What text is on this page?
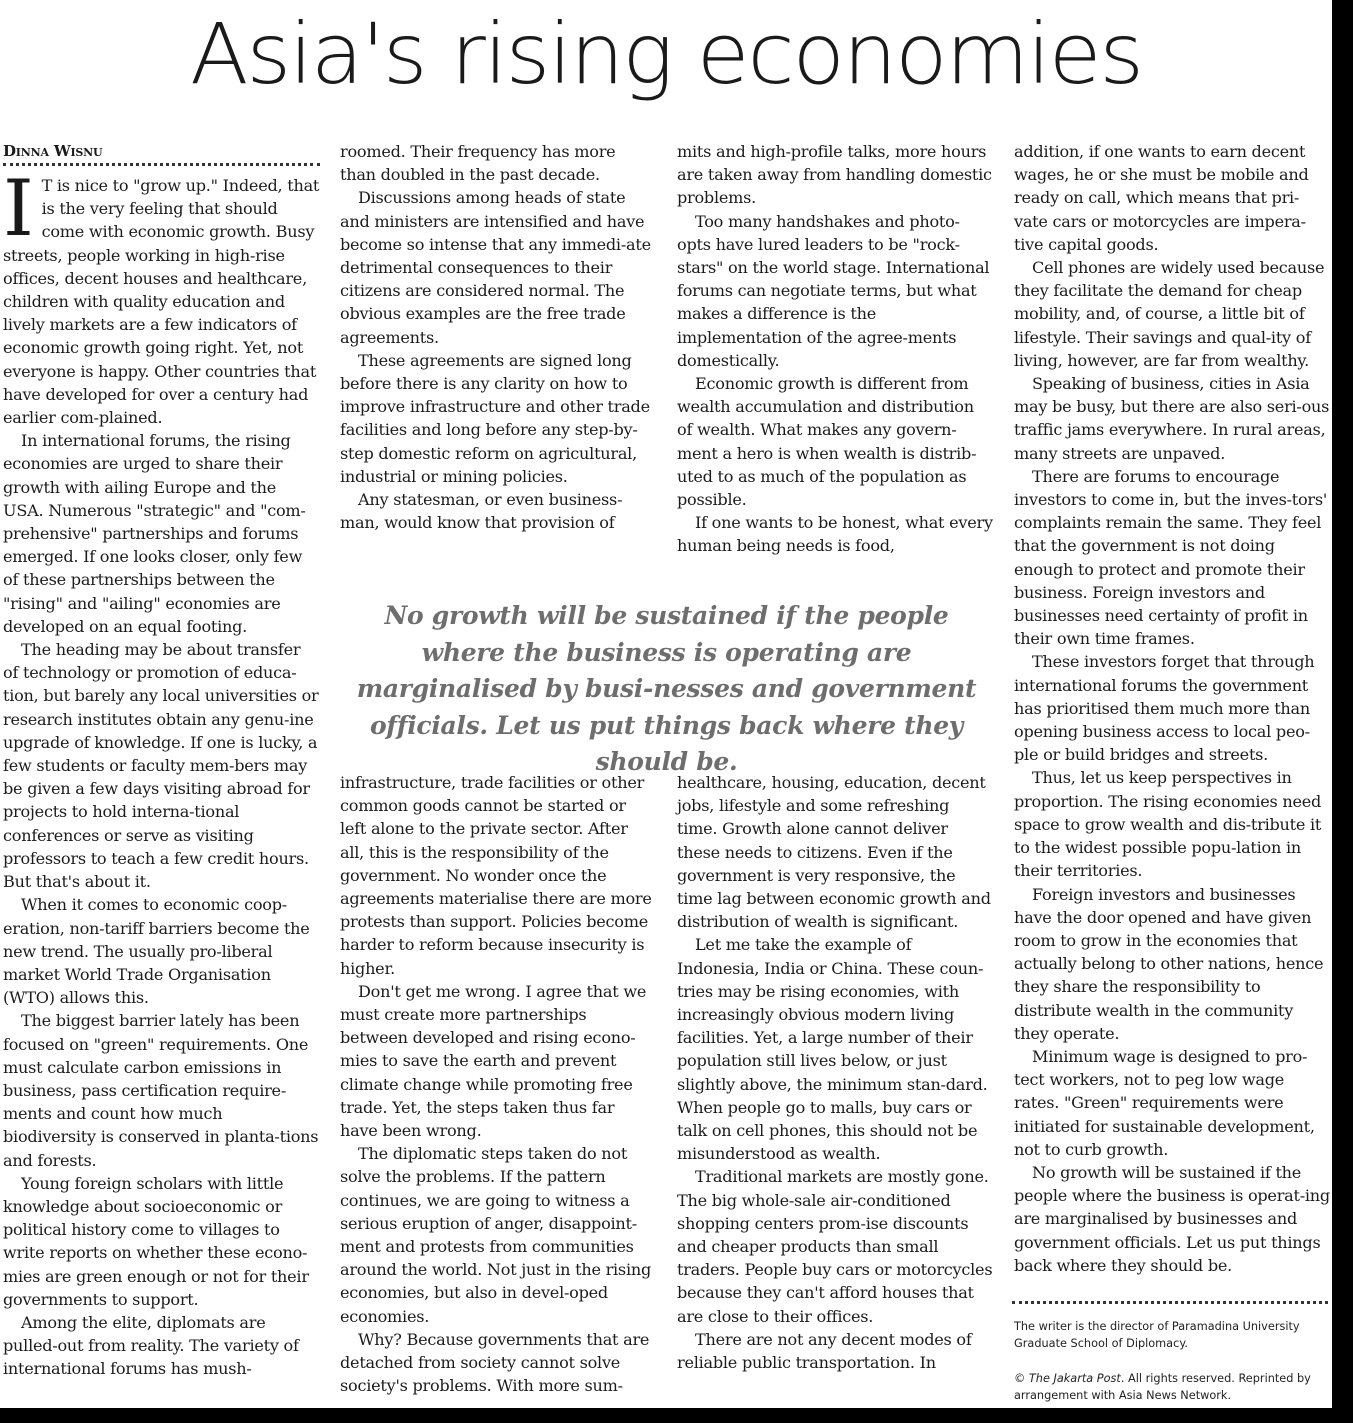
Asia's rising economies
Dinna Wisnu
I T is nice to "grow up." Indeed, that is the very feeling that should come with economic growth. Busy streets, people working in high-rise offices, decent houses and healthcare, children with quality education and lively markets are a few indicators of economic growth going right. Yet, not everyone is happy. Other countries that have developed for over a century had earlier com-plained.

In international forums, the rising economies are urged to share their growth with ailing Europe and the USA. Numerous "strategic" and "com-prehensive" partnerships and forums emerged. If one looks closer, only few of these partnerships between the "rising" and "ailing" economies are developed on an equal footing.

The heading may be about transfer of technology or promotion of educa-tion, but barely any local universities or research institutes obtain any genu-ine upgrade of knowledge. If one is lucky, a few students or faculty mem-bers may be given a few days visiting abroad for projects to hold interna-tional conferences or serve as visiting professors to teach a few credit hours. But that's about it.

When it comes to economic coop-eration, non-tariff barriers become the new trend. The usually pro-liberal market World Trade Organisation (WTO) allows this.

The biggest barrier lately has been focused on "green" requirements. One must calculate carbon emissions in business, pass certification require-ments and count how much biodiversity is conserved in planta-tions and forests.

Young foreign scholars with little knowledge about socioeconomic or political history come to villages to write reports on whether these econo-mies are green enough or not for their governments to support.

Among the elite, diplomats are pulled-out from reality. The variety of international forums has mush-

roomed. Their frequency has more than doubled in the past decade.

Discussions among heads of state and ministers are intensified and have become so intense that any immedi-ate detrimental consequences to their citizens are considered normal. The obvious examples are the free trade agreements.

These agreements are signed long before there is any clarity on how to improve infrastructure and other trade facilities and long before any step-by-step domestic reform on agricultural, industrial or mining policies.

Any statesman, or even business-man, would know that provision of

mits and high-profile talks, more hours are taken away from handling domestic problems.

Too many handshakes and photo-opts have lured leaders to be "rock-stars" on the world stage. International forums can negotiate terms, but what makes a difference is the implementation of the agree-ments domestically.

Economic growth is different from wealth accumulation and distribution of wealth. What makes any govern-ment a hero is when wealth is distrib-uted to as much of the population as possible.

If one wants to be honest, what every human being needs is food,

No growth will be sustained if the people where the business is operating are marginalised by busi-nesses and government officials. Let us put things back where they should be.

infrastructure, trade facilities or other common goods cannot be started or left alone to the private sector. After all, this is the responsibility of the government. No wonder once the agreements materialise there are more protests than support. Policies become harder to reform because insecurity is higher.

Don't get me wrong. I agree that we must create more partnerships between developed and rising econo-mies to save the earth and prevent climate change while promoting free trade. Yet, the steps taken thus far have been wrong.

The diplomatic steps taken do not solve the problems. If the pattern continues, we are going to witness a serious eruption of anger, disappoint-ment and protests from communities around the world. Not just in the rising economies, but also in devel-oped economies.

Why? Because governments that are detached from society cannot solve society's problems. With more sum-

healthcare, housing, education, decent jobs, lifestyle and some refreshing time. Growth alone cannot deliver these needs to citizens. Even if the government is very responsive, the time lag between economic growth and distribution of wealth is significant.

Let me take the example of Indonesia, India or China. These coun-tries may be rising economies, with increasingly obvious modern living facilities. Yet, a large number of their population still lives below, or just slightly above, the minimum stan-dard. When people go to malls, buy cars or talk on cell phones, this should not be misunderstood as wealth.

Traditional markets are mostly gone. The big whole-sale air-conditioned shopping centers prom-ise discounts and cheaper products than small traders. People buy cars or motorcycles because they can't afford houses that are close to their offices.

There are not any decent modes of reliable public transportation. In

addition, if one wants to earn decent wages, he or she must be mobile and ready on call, which means that pri-vate cars or motorcycles are impera-tive capital goods.

Cell phones are widely used because they facilitate the demand for cheap mobility, and, of course, a little bit of lifestyle. Their savings and qual-ity of living, however, are far from wealthy.

Speaking of business, cities in Asia may be busy, but there are also seri-ous traffic jams everywhere. In rural areas, many streets are unpaved.

There are forums to encourage investors to come in, but the inves-tors' complaints remain the same. They feel that the government is not doing enough to protect and promote their business. Foreign investors and businesses need certainty of profit in their own time frames.

These investors forget that through international forums the government has prioritised them much more than opening business access to local peo-ple or build bridges and streets.

Thus, let us keep perspectives in proportion. The rising economies need space to grow wealth and dis-tribute it to the widest possible popu-lation in their territories.

Foreign investors and businesses have the door opened and have given room to grow in the economies that actually belong to other nations, hence they share the responsibility to distribute wealth in the community they operate.

Minimum wage is designed to pro-tect workers, not to peg low wage rates. "Green" requirements were initiated for sustainable development, not to curb growth.

No growth will be sustained if the people where the business is operat-ing are marginalised by businesses and government officials. Let us put things back where they should be.

The writer is the director of Paramadina University Graduate School of Diplomacy.

© The Jakarta Post. All rights reserved. Reprinted by arrangement with Asia News Network.
